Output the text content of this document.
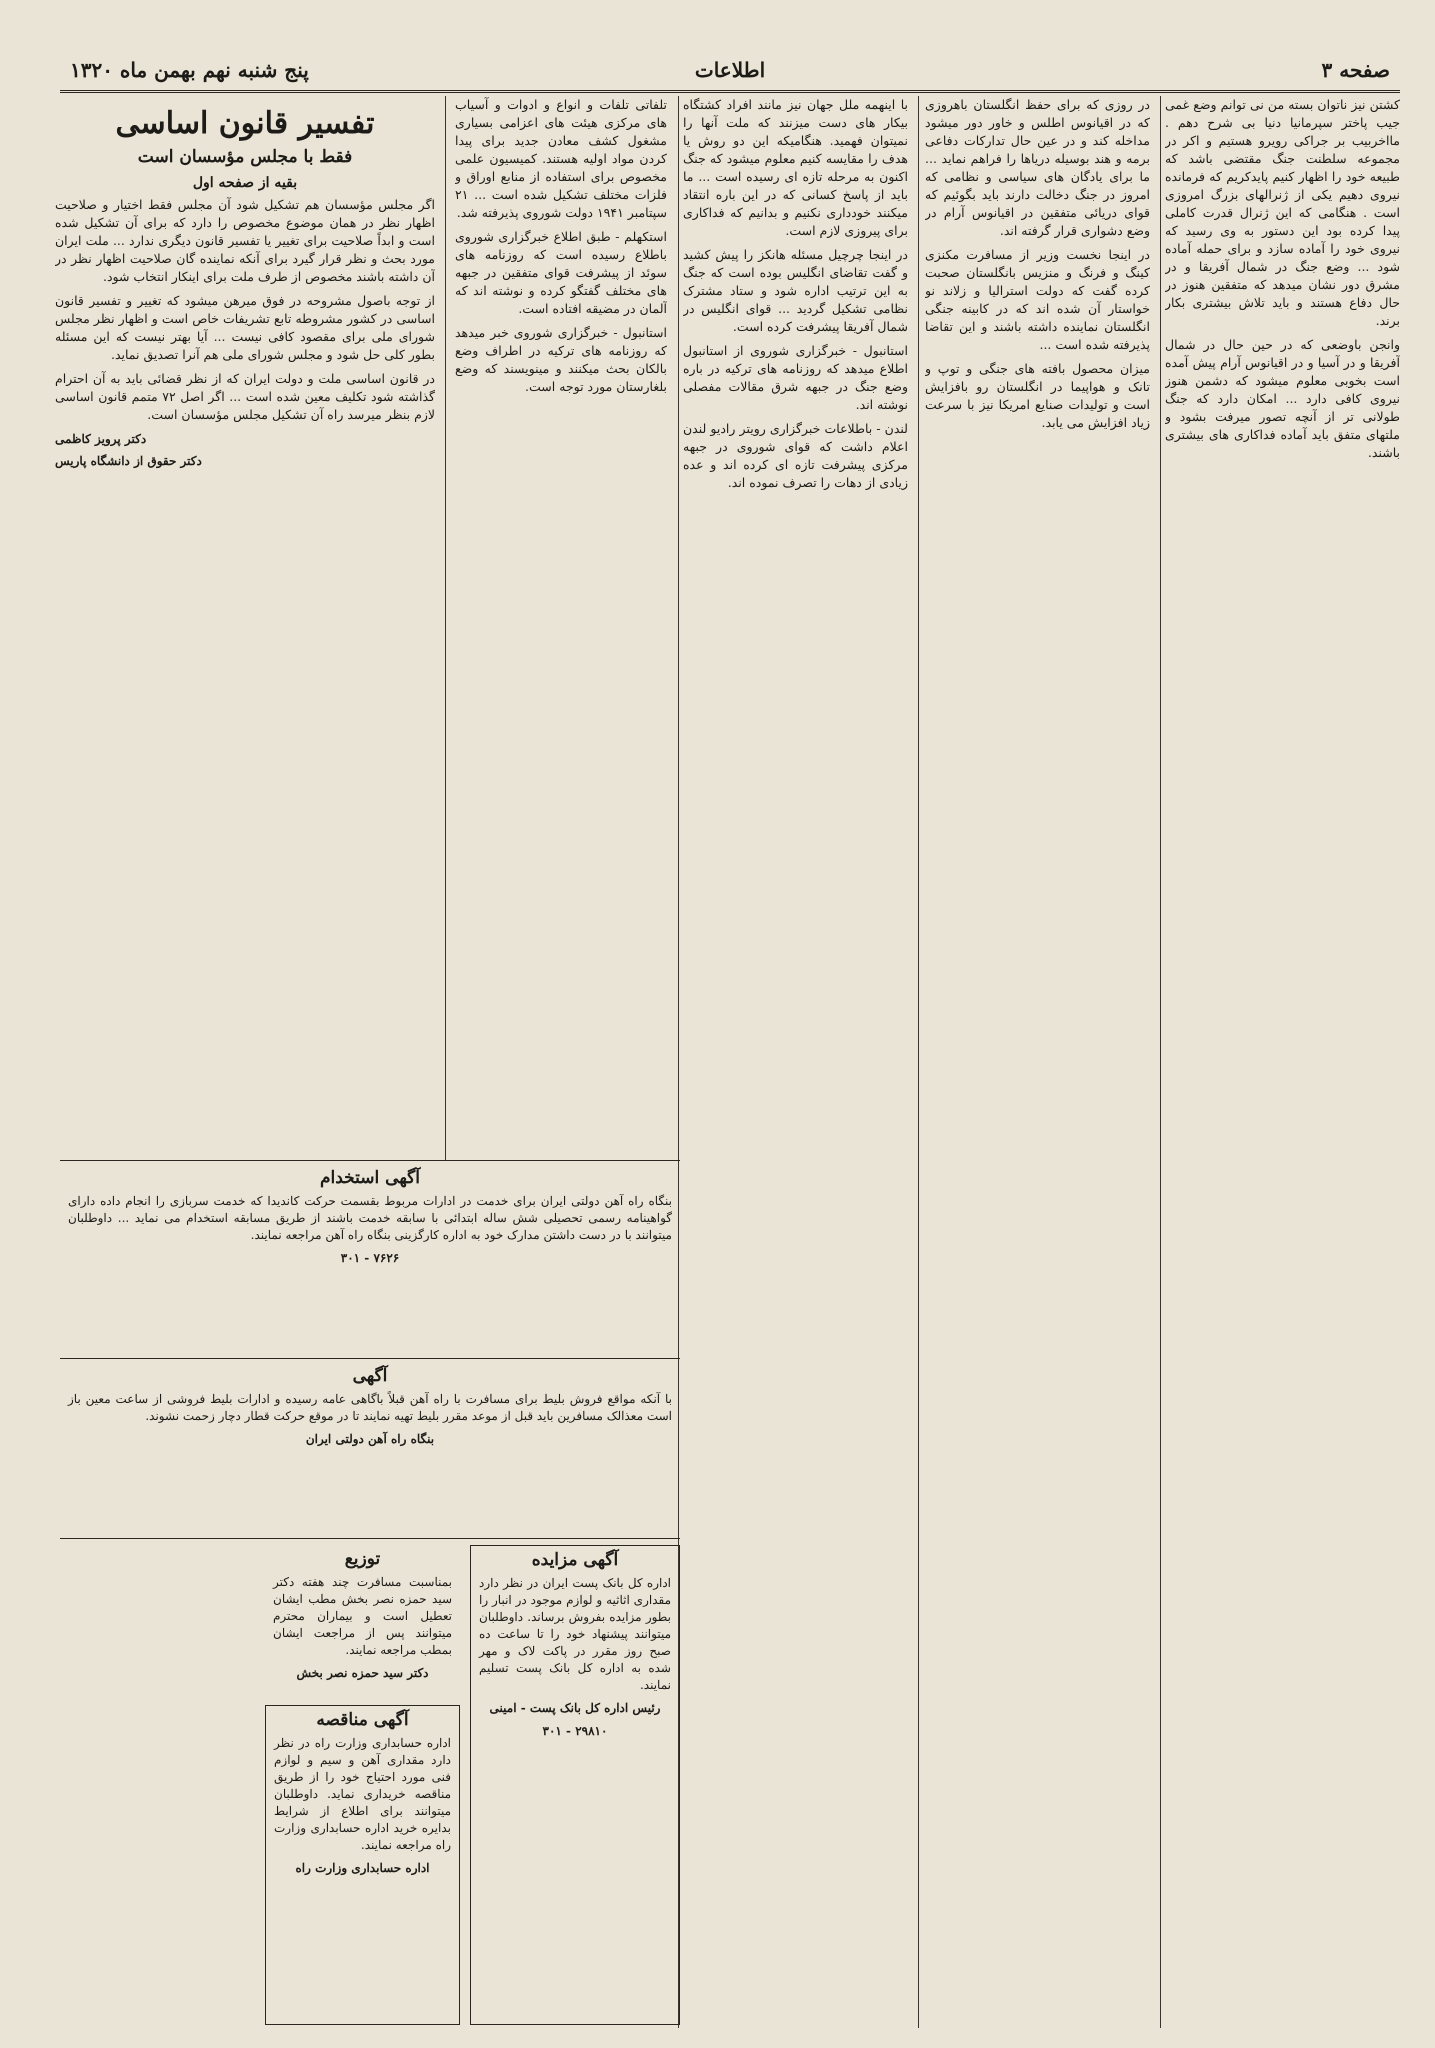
صفحه ۳
اطلاعات
پنج شنبه نهم بهمن ماه ۱۳۲۰

کشتن نیز ناتوان بسته من نی توانم وضع غمی جیب پاختر سپرمانیا دنیا بی شرح دهم . مااخربیب بر جراکی رویرو هستیم و اکر در مجموعه سلطنت جنگ مقتضی باشد که طبیعه خود را اظهار کنیم پایدکریم که فرمانده نیروی دهیم یکی از ژنرالهای بزرگ امروزی است . هنگامی که این ژنرال قدرت کاملی پیدا کرده بود این دستور به وی رسید که نیروی خود را آماده سازد و برای حمله آماده شود ... وضع جنگ در شمال آفریقا و در مشرق دور نشان میدهد که متفقین هنوز در حال دفاع هستند و باید تلاش بیشتری بکار برند.

وانجن باوضعی که در حین حال در شمال آفریقا و در آسیا و در اقیانوس آرام پیش آمده است بخوبی معلوم میشود که دشمن هنوز نیروی کافی دارد ... امکان دارد که جنگ طولانی تر از آنچه تصور میرفت بشود و ملتهای متفق باید آماده فداکاری های بیشتری باشند.

در روزی که برای حفظ انگلستان باهروزی که در اقیانوس اطلس و خاور دور میشود مداخله کند و در عین حال تدارکات دفاعی برمه و هند بوسیله دریاها را فراهم نماید ... ما برای یادگان های سیاسی و نظامی که امروز در جنگ دخالت دارند باید بگوئیم که قوای دریائی متفقین در اقیانوس آرام در وضع دشواری قرار گرفته اند.

در اینجا نخست وزیر از مسافرت مکنزی کینگ و فرنگ و منزیس بانگلستان صحبت کرده گفت که دولت استرالیا و زلاند نو خواستار آن شده اند که در کابینه جنگی انگلستان نماینده داشته باشند و این تقاضا پذیرفته شده است ...

میزان محصول بافته های جنگی و توپ و تانک و هواپیما در انگلستان رو بافزایش است و تولیدات صنایع امریکا نیز با سرعت زیاد افزایش می یابد.

با اینهمه ملل جهان نیز مانند افراد کشتگاه بیکار های دست میزنند که ملت آنها را نمیتوان فهمید. هنگامیکه این دو روش یا هدف را مقایسه کنیم معلوم میشود که جنگ اکنون به مرحله تازه ای رسیده است ... ما باید از پاسخ کسانی که در این باره انتقاد میکنند خودداری نکنیم و بدانیم که فداکاری برای پیروزی لازم است.

در اینجا چرچیل مسئله هانکز را پیش کشید و گفت تقاضای انگلیس بوده است که جنگ به این ترتیب اداره شود و ستاد مشترک نظامی تشکیل گردید ... قوای انگلیس در شمال آفریقا پیشرفت کرده است.

استانبول - خبرگزاری شوروی از استانبول اطلاع میدهد که روزنامه های ترکیه در باره وضع جنگ در جبهه شرق مقالات مفصلی نوشته اند.

لندن - باطلاعات خبرگزاری رویتر رادیو لندن اعلام داشت که قوای شوروی در جبهه مرکزی پیشرفت تازه ای کرده اند و عده زیادی از دهات را تصرف نموده اند.

تلفاتی تلفات و انواع و ادوات و آسیاب های مرکزی هیئت های اعزامی بسیاری مشغول کشف معادن جدید برای پیدا کردن مواد اولیه هستند. کمیسیون علمی مخصوص برای استفاده از منابع اوراق و فلزات مختلف تشکیل شده است ... ۲۱ سپتامبر ۱۹۴۱ دولت شوروی پذیرفته شد.

استکهلم - طبق اطلاع خبرگزاری شوروی باطلاع رسیده است که روزنامه های سوئد از پیشرفت قوای متفقین در جبهه های مختلف گفتگو کرده و نوشته اند که آلمان در مضیقه افتاده است.

استانبول - خبرگزاری شوروی خبر میدهد که روزنامه های ترکیه در اطراف وضع بالکان بحث میکنند و مینویسند که وضع بلغارستان مورد توجه است.

تفسیر قانون اساسی
فقط با مجلس مؤسسان است
بقیه از صفحه اول

اگر مجلس مؤسسان هم تشکیل شود آن مجلس فقط اختیار و صلاحیت اظهار نظر در همان موضوع مخصوص را دارد که برای آن تشکیل شده است و ابداً صلاحیت برای تغییر یا تفسیر قانون دیگری ندارد ... ملت ایران مورد بحث و نظر قرار گیرد برای آنکه نماینده گان صلاحیت اظهار نظر در آن داشته باشند مخصوص از طرف ملت برای اینکار انتخاب شود.

از توجه باصول مشروحه در فوق میرهن میشود که تغییر و تفسیر قانون اساسی در کشور مشروطه تابع تشریفات خاص است و اظهار نظر مجلس شورای ملی برای مقصود کافی نیست ... آیا بهتر نیست که این مسئله بطور کلی حل شود و مجلس شورای ملی هم آنرا تصدیق نماید.

در قانون اساسی ملت و دولت ایران که از نظر قضائی باید به آن احترام گذاشته شود تکلیف معین شده است ... اگر اصل ۷۲ متمم قانون اساسی لازم بنظر میرسد راه آن تشکیل مجلس مؤسسان است.

دکتر پرویز کاظمی
دکتر حقوق از دانشگاه پاریس
آگهی استخدام
بنگاه راه آهن دولتی ایران برای خدمت در ادارات مربوط بقسمت حرکت کاندیدا که خدمت سربازی را انجام داده دارای گواهینامه رسمی تحصیلی شش ساله ابتدائی با سابقه خدمت باشند از طریق مسابقه استخدام می نماید ... داوطلبان میتوانند با در دست داشتن مدارک خود به اداره کارگزینی بنگاه راه آهن مراجعه نمایند.
۷۶۲۶ - ۳۰۱
آگهی
با آنکه مواقع فروش بلیط برای مسافرت با راه آهن قبلاً باگاهی عامه رسیده و ادارات بلیط فروشی از ساعت معین باز است معذالک مسافرین باید قبل از موعد مقرر بلیط تهیه نمایند تا در موقع حرکت قطار دچار زحمت نشوند.
بنگاه راه آهن دولتی ایران
آگهی مزایده
اداره کل بانک پست ایران در نظر دارد مقداری اثاثیه و لوازم موجود در انبار را بطور مزایده بفروش برساند. داوطلبان میتوانند پیشنهاد خود را تا ساعت ده صبح روز مقرر در پاکت لاک و مهر شده به اداره کل بانک پست تسلیم نمایند.
رئیس اداره کل بانک پست - امینی
۲۹۸۱۰ - ۳۰۱
توزیع
بمناسبت مسافرت چند هفته دکتر سید حمزه نصر بخش مطب ایشان تعطیل است و بیماران محترم میتوانند پس از مراجعت ایشان بمطب مراجعه نمایند.
دکتر سید حمزه نصر بخش
آگهی مناقصه
اداره حسابداری وزارت راه در نظر دارد مقداری آهن و سیم و لوازم فنی مورد احتیاج خود را از طریق مناقصه خریداری نماید. داوطلبان میتوانند برای اطلاع از شرایط بدایره خرید اداره حسابداری وزارت راه مراجعه نمایند.
اداره حسابداری وزارت راه
